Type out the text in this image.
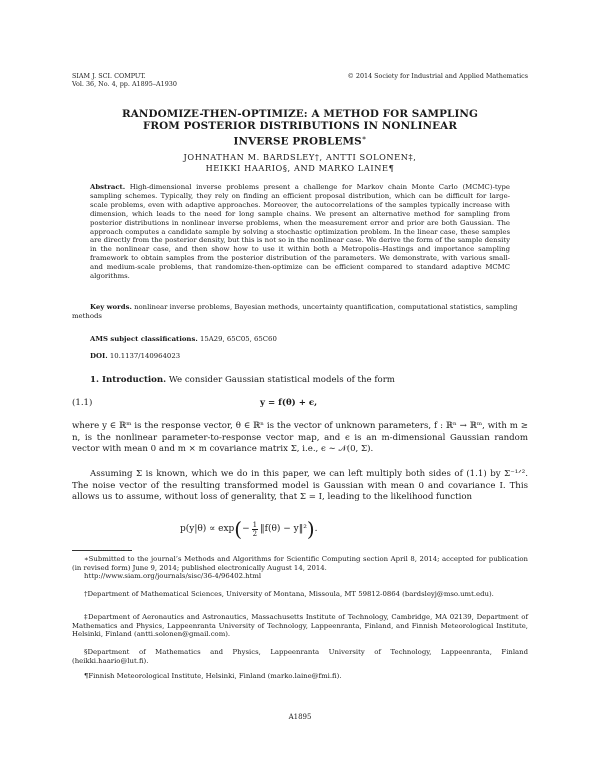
SIAM J. SCI. COMPUT.
Vol. 36, No. 4, pp. A1895–A1930
© 2014 Society for Industrial and Applied Mathematics
RANDOMIZE-THEN-OPTIMIZE: A METHOD FOR SAMPLING
FROM POSTERIOR DISTRIBUTIONS IN NONLINEAR
INVERSE PROBLEMS∗
JOHNATHAN M. BARDSLEY†, ANTTI SOLONEN‡,
HEIKKI HAARIO§, AND MARKO LAINE¶
Abstract. High-dimensional inverse problems present a challenge for Markov chain Monte Carlo (MCMC)-type sampling schemes. Typically, they rely on finding an efficient proposal distribution, which can be difficult for large-scale problems, even with adaptive approaches. Moreover, the autocorrelations of the samples typically increase with dimension, which leads to the need for long sample chains. We present an alternative method for sampling from posterior distributions in nonlinear inverse problems, when the measurement error and prior are both Gaussian. The approach computes a candidate sample by solving a stochastic optimization problem. In the linear case, these samples are directly from the posterior density, but this is not so in the nonlinear case. We derive the form of the sample density in the nonlinear case, and then show how to use it within both a Metropolis–Hastings and importance sampling framework to obtain samples from the posterior distribution of the parameters. We demonstrate, with various small- and medium-scale problems, that randomize-then-optimize can be efficient compared to standard adaptive MCMC algorithms.
Key words. nonlinear inverse problems, Bayesian methods, uncertainty quantification, computational statistics, sampling methods
AMS subject classifications. 15A29, 65C05, 65C60
DOI. 10.1137/140964023
1. Introduction. We consider Gaussian statistical models of the form
(1.1)	y = f(θ) + ϵ,
where y ∈ ℝᵐ is the response vector, θ ∈ ℝⁿ is the vector of unknown parameters, f : ℝⁿ → ℝᵐ, with m ≥ n, is the nonlinear parameter-to-response vector map, and ϵ is an m-dimensional Gaussian random vector with mean 0 and m × m covariance matrix Σ, i.e., ϵ ∼ 𝒩(0, Σ).
Assuming Σ is known, which we do in this paper, we can left multiply both sides of (1.1) by Σ⁻¹ᐟ². The noise vector of the resulting transformed model is Gaussian with mean 0 and covariance I. This allows us to assume, without loss of generality, that Σ = I, leading to the likelihood function
p(y|θ) ∝ exp ( − $\frac{1}{2}$ ‖f(θ) − y‖² ) .
∗Submitted to the journal’s Methods and Algorithms for Scientific Computing section April 8, 2014; accepted for publication (in revised form) June 9, 2014; published electronically August 14, 2014.
http://www.siam.org/journals/sisc/36-4/96402.html
†Department of Mathematical Sciences, University of Montana, Missoula, MT 59812-0864 (bardsleyj@mso.umt.edu).
‡Department of Aeronautics and Astronautics, Massachusetts Institute of Technology, Cambridge, MA 02139, Department of Mathematics and Physics, Lappeenranta University of Technology, Lappeenranta, Finland, and Finnish Meteorological Institute, Helsinki, Finland (antti.solonen@gmail.com).
§Department of Mathematics and Physics, Lappeenranta University of Technology, Lappeenranta, Finland (heikki.haario@lut.fi).
¶Finnish Meteorological Institute, Helsinki, Finland (marko.laine@fmi.fi).
A1895
